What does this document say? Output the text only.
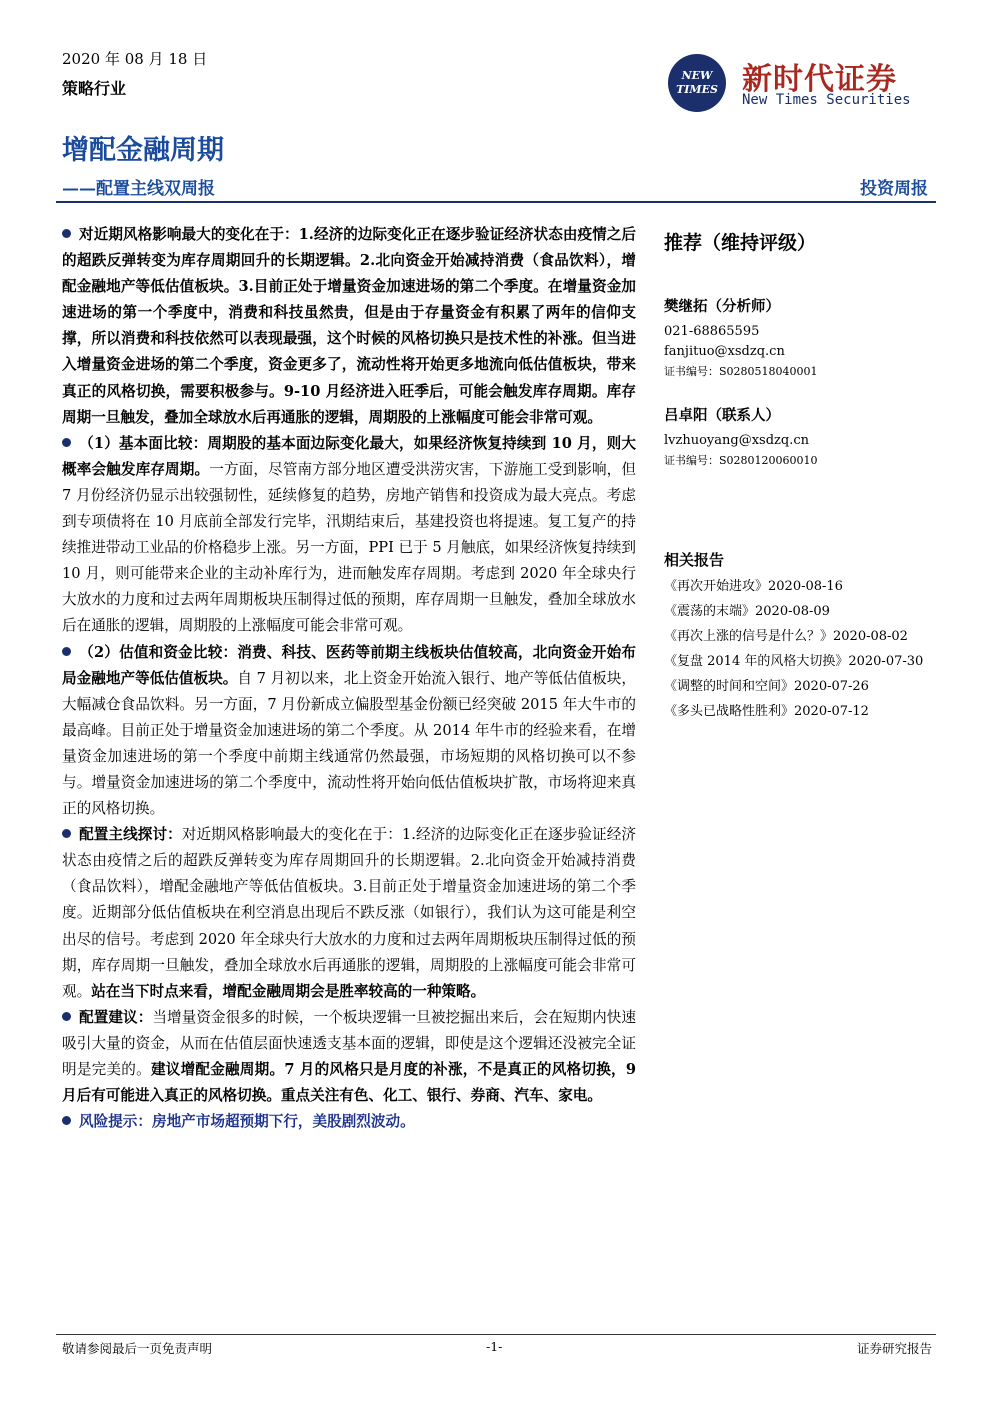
2020 年 08 月 18 日
策略行业
NEW TIMES 新时代证券
New Times Securities
增配金融周期
——配置主线双周报	投资周报

对近期风格影响最大的变化在于：1.经济的边际变化正在逐步验证经济状态由疫情之后的超跌反弹转变为库存周期回升的长期逻辑。2.北向资金开始减持消费（食品饮料），增配金融地产等低估值板块。3.目前正处于增量资金加速进场的第二个季度。在增量资金加速进场的第一个季度中，消费和科技虽然贵，但是由于存量资金有积累了两年的信仰支撑，所以消费和科技依然可以表现最强，这个时候的风格切换只是技术性的补涨。但当进入增量资金进场的第二个季度，资金更多了，流动性将开始更多地流向低估值板块，带来真正的风格切换，需要积极参与。9-10 月经济进入旺季后，可能会触发库存周期。库存周期一旦触发，叠加全球放水后再通胀的逻辑，周期股的上涨幅度可能会非常可观。

（1）基本面比较：周期股的基本面边际变化最大，如果经济恢复持续到 10 月，则大概率会触发库存周期。一方面，尽管南方部分地区遭受洪涝灾害，下游施工受到影响，但 7 月份经济仍显示出较强韧性，延续修复的趋势，房地产销售和投资成为最大亮点。考虑到专项债将在 10 月底前全部发行完毕，汛期结束后，基建投资也将提速。复工复产的持续推进带动工业品的价格稳步上涨。另一方面，PPI 已于 5 月触底，如果经济恢复持续到 10 月，则可能带来企业的主动补库行为，进而触发库存周期。考虑到 2020 年全球央行大放水的力度和过去两年周期板块压制得过低的预期，库存周期一旦触发，叠加全球放水后在通胀的逻辑，周期股的上涨幅度可能会非常可观。

（2）估值和资金比较：消费、科技、医药等前期主线板块估值较高，北向资金开始布局金融地产等低估值板块。自 7 月初以来，北上资金开始流入银行、地产等低估值板块，大幅减仓食品饮料。另一方面，7 月份新成立偏股型基金份额已经突破 2015 年大牛市的最高峰。目前正处于增量资金加速进场的第二个季度。从 2014 年牛市的经验来看，在增量资金加速进场的第一个季度中前期主线通常仍然最强，市场短期的风格切换可以不参与。增量资金加速进场的第二个季度中，流动性将开始向低估值板块扩散，市场将迎来真正的风格切换。

配置主线探讨：对近期风格影响最大的变化在于：1.经济的边际变化正在逐步验证经济状态由疫情之后的超跌反弹转变为库存周期回升的长期逻辑。2.北向资金开始减持消费（食品饮料），增配金融地产等低估值板块。3.目前正处于增量资金加速进场的第二个季度。近期部分低估值板块在利空消息出现后不跌反涨（如银行），我们认为这可能是利空出尽的信号。考虑到 2020 年全球央行大放水的力度和过去两年周期板块压制得过低的预期，库存周期一旦触发，叠加全球放水后再通胀的逻辑，周期股的上涨幅度可能会非常可观。站在当下时点来看，增配金融周期会是胜率较高的一种策略。

配置建议：当增量资金很多的时候，一个板块逻辑一旦被挖掘出来后，会在短期内快速吸引大量的资金，从而在估值层面快速透支基本面的逻辑，即使是这个逻辑还没被完全证明是完美的。建议增配金融周期。7 月的风格只是月度的补涨，不是真正的风格切换，9 月后有可能进入真正的风格切换。重点关注有色、化工、银行、券商、汽车、家电。

风险提示：房地产市场超预期下行，美股剧烈波动。

推荐（维持评级）
樊继拓（分析师）
021-68865595
fanjituo@xsdzq.cn
证书编号：S0280518040001
吕卓阳（联系人）
lvzhuoyang@xsdzq.cn
证书编号：S0280120060010
相关报告
《再次开始进攻》2020-08-16
《震荡的末端》2020-08-09
《再次上涨的信号是什么？》2020-08-02
《复盘 2014 年的风格大切换》2020-07-30
《调整的时间和空间》2020-07-26
《多头已战略性胜利》2020-07-12
敬请参阅最后一页免责声明	-1-	证券研究报告
